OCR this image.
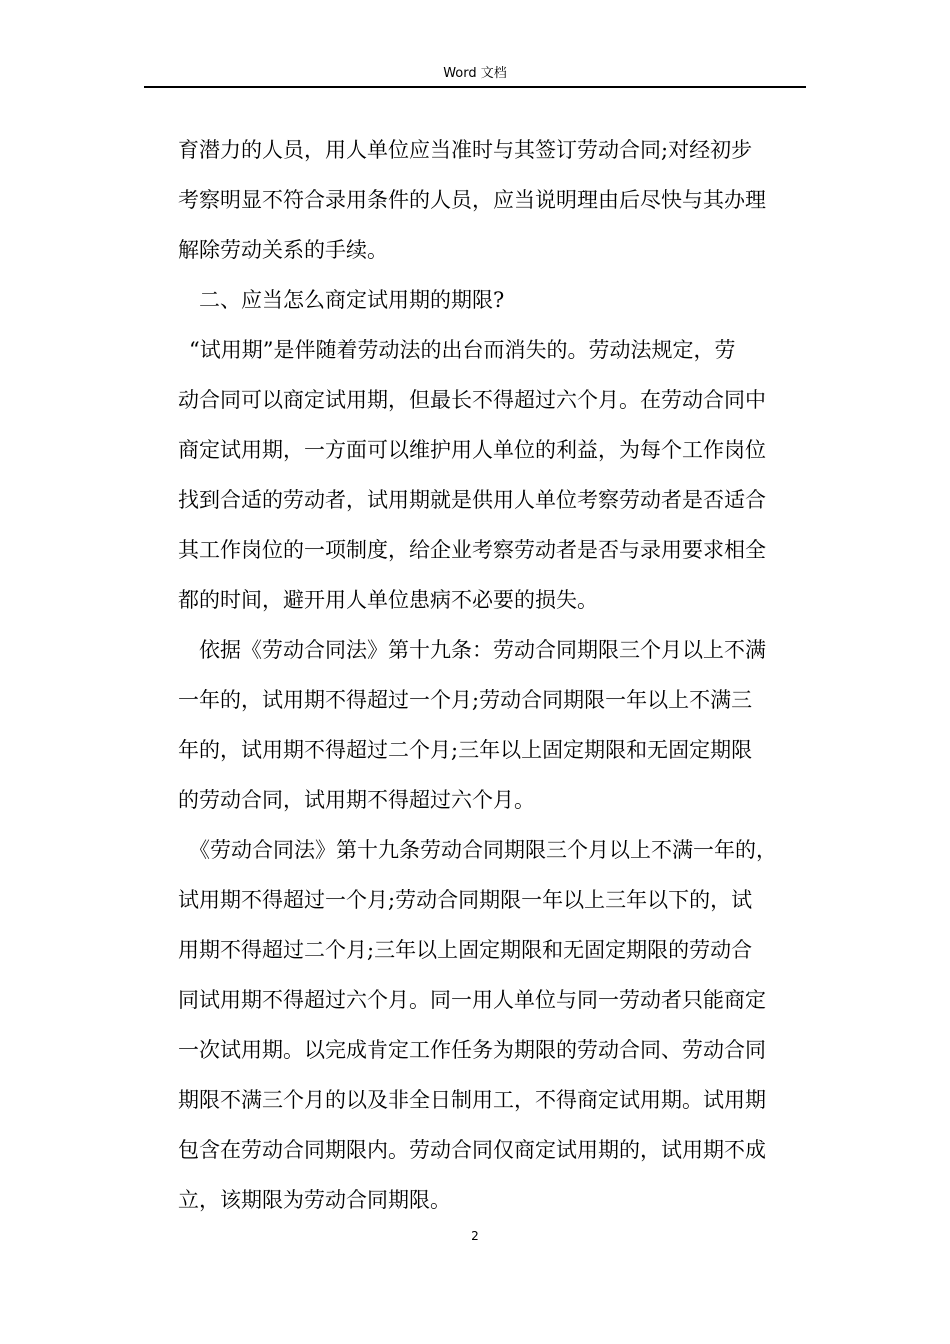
Word 文档
育潜力的人员，用人单位应当准时与其签订劳动合同;对经初步
考察明显不符合录用条件的人员，应当说明理由后尽快与其办理
解除劳动关系的手续。
二、应当怎么商定试用期的期限?
“试用期”是伴随着劳动法的出台而消失的。劳动法规定，劳
动合同可以商定试用期，但最长不得超过六个月。在劳动合同中
商定试用期，一方面可以维护用人单位的利益，为每个工作岗位
找到合适的劳动者，试用期就是供用人单位考察劳动者是否适合
其工作岗位的一项制度，给企业考察劳动者是否与录用要求相全
都的时间，避开用人单位患病不必要的损失。
依据《劳动合同法》第十九条：劳动合同期限三个月以上不满
一年的，试用期不得超过一个月;劳动合同期限一年以上不满三
年的，试用期不得超过二个月;三年以上固定期限和无固定期限
的劳动合同，试用期不得超过六个月。
《劳动合同法》第十九条劳动合同期限三个月以上不满一年的，
试用期不得超过一个月;劳动合同期限一年以上三年以下的，试
用期不得超过二个月;三年以上固定期限和无固定期限的劳动合
同试用期不得超过六个月。同一用人单位与同一劳动者只能商定
一次试用期。以完成肯定工作任务为期限的劳动合同、劳动合同
期限不满三个月的以及非全日制用工，不得商定试用期。试用期
包含在劳动合同期限内。劳动合同仅商定试用期的，试用期不成
立，该期限为劳动合同期限。
2
